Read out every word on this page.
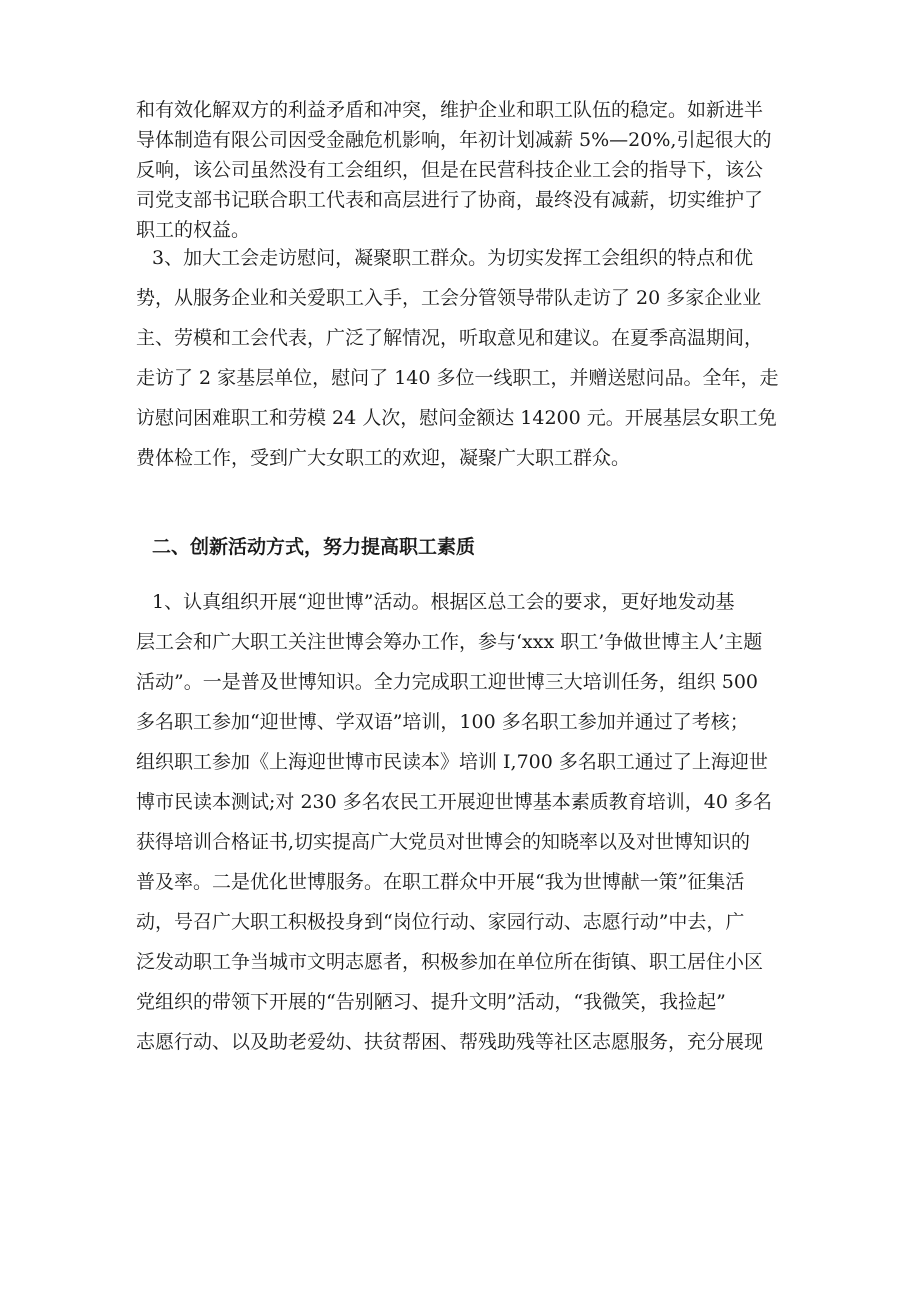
和有效化解双方的利益矛盾和冲突，维护企业和职工队伍的稳定。如新进半
导体制造有限公司因受金融危机影响，年初计划减薪 5%—20%,引起很大的
反响，该公司虽然没有工会组织，但是在民营科技企业工会的指导下，该公
司党支部书记联合职工代表和高层进行了协商，最终没有减薪，切实维护了
职工的权益。
3、加大工会走访慰问，凝聚职工群众。为切实发挥工会组织的特点和优
势，从服务企业和关爱职工入手，工会分管领导带队走访了 20 多家企业业
主、劳模和工会代表，广泛了解情况，听取意见和建议。在夏季高温期间，
走访了 2 家基层单位，慰问了 140 多位一线职工，并赠送慰问品。全年，走
访慰问困难职工和劳模 24 人次，慰问金额达 14200 元。开展基层女职工免
费体检工作，受到广大女职工的欢迎，凝聚广大职工群众。
二、创新活动方式，努力提高职工素质
1、认真组织开展“迎世博”活动。根据区总工会的要求，更好地发动基
层工会和广大职工关注世博会筹办工作，参与‘xxx 职工’争做世博主人’主题
活动”。一是普及世博知识。全力完成职工迎世博三大培训任务，组织 500
多名职工参加“迎世博、学双语”培训，100 多名职工参加并通过了考核；
组织职工参加《上海迎世博市民读本》培训 I,700 多名职工通过了上海迎世
博市民读本测试;对 230 多名农民工开展迎世博基本素质教育培训，40 多名
获得培训合格证书,切实提高广大党员对世博会的知晓率以及对世博知识的
普及率。二是优化世博服务。在职工群众中开展“我为世博献一策”征集活
动，号召广大职工积极投身到“岗位行动、家园行动、志愿行动”中去，广
泛发动职工争当城市文明志愿者，积极参加在单位所在街镇、职工居住小区
党组织的带领下开展的“告别陋习、提升文明”活动，“我微笑，我捡起”
志愿行动、以及助老爱幼、扶贫帮困、帮残助残等社区志愿服务，充分展现
